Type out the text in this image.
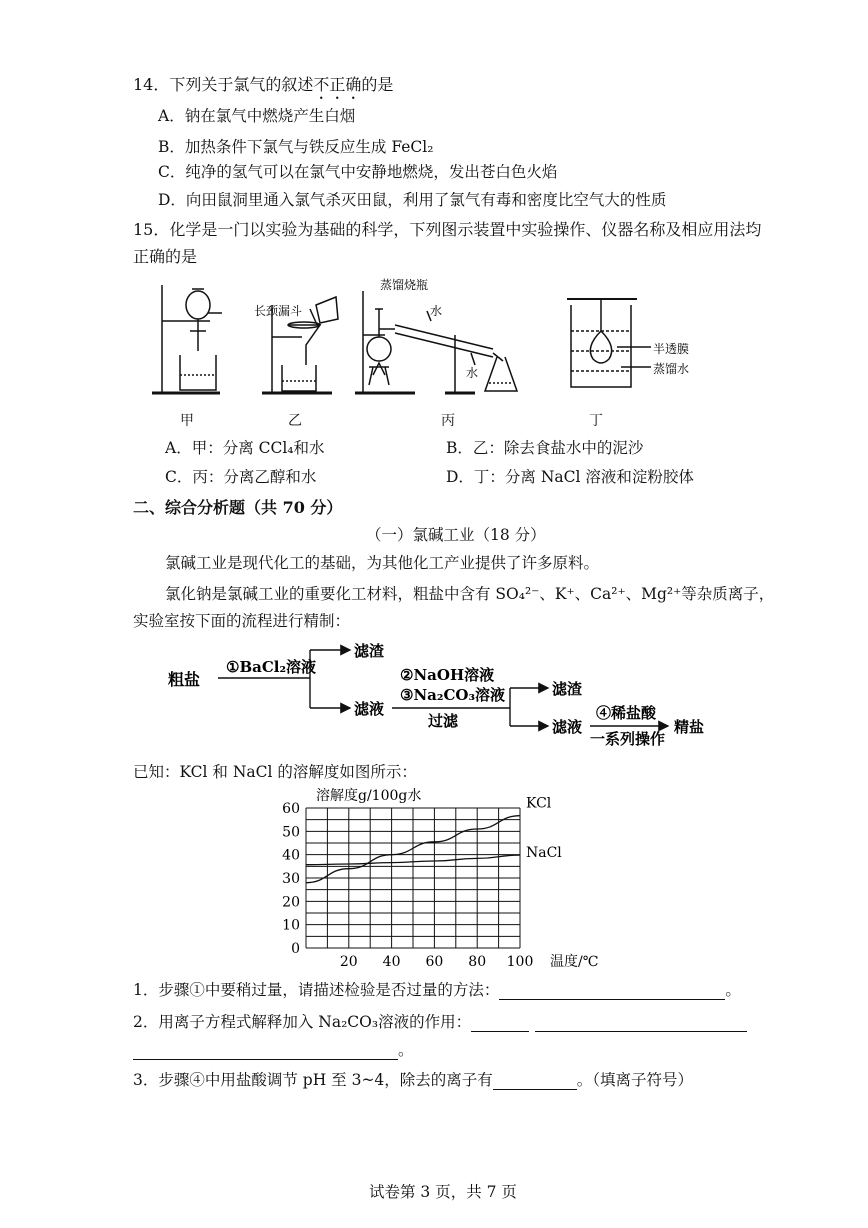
14．下列关于氯气的叙述不正确的是
A．钠在氯气中燃烧产生白烟
B．加热条件下氯气与铁反应生成 FeCl₂
C．纯净的氢气可以在氯气中安静地燃烧，发出苍白色火焰
D．向田鼠洞里通入氯气杀灭田鼠，利用了氯气有毒和密度比空气大的性质
15．化学是一门以实验为基础的科学，下列图示装置中实验操作、仪器名称及相应用法均
正确的是
长颈漏斗
蒸馏烧瓶
水
水
半透膜
蒸馏水
甲	乙	丙	丁
A．甲：分离 CCl₄和水	B．乙：除去食盐水中的泥沙
C．丙：分离乙醇和水	D．丁：分离 NaCl 溶液和淀粉胶体
二、综合分析题（共 70 分）
（一）氯碱工业（18 分）
氯碱工业是现代化工的基础，为其他化工产业提供了许多原料。
氯化钠是氯碱工业的重要化工材料，粗盐中含有 SO₄²⁻、K⁺、Ca²⁺、Mg²⁺等杂质离子，
实验室按下面的流程进行精制：
粗盐
①BaCl₂溶液
滤渣
滤液
②NaOH溶液
③Na₂CO₃溶液
过滤
滤渣
滤液
④稀盐酸
一系列操作
精盐
已知：KCl 和 NaCl 的溶解度如图所示：
0
10
20
30
40
50
60
20 40 60 80 100
溶解度g/100g水
温度/℃
KCl
NaCl
1．步骤①中要稍过量，请描述检验是否过量的方法：	。
2．用离子方程式解释加入 Na₂CO₃溶液的作用：
。
3．步骤④中用盐酸调节 pH 至 3~4，除去的离子有	。（填离子符号）
试卷第 3 页，共 7 页
